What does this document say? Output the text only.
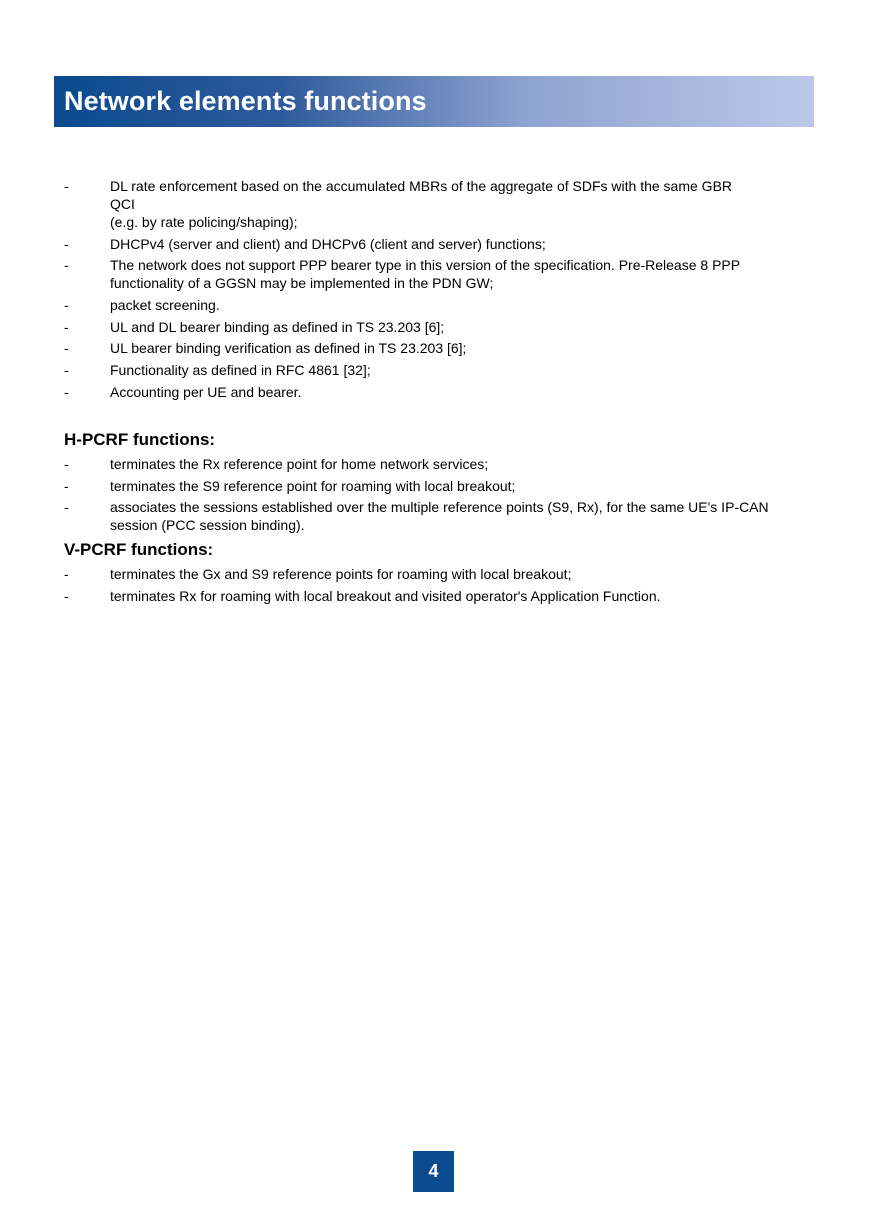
Network elements functions
-	DL rate enforcement based on the accumulated MBRs of the aggregate of SDFs with the same GBR QCI
(e.g. by rate policing/shaping);
-	DHCPv4 (server and client) and DHCPv6 (client and server) functions;
-	The network does not support PPP bearer type in this version of the specification. Pre-Release 8 PPP functionality of a GGSN may be implemented in the PDN GW;
-	packet screening.
-	UL and DL bearer binding as defined in TS 23.203 [6];
-	UL bearer binding verification as defined in TS 23.203 [6];
-	Functionality as defined in RFC 4861 [32];
-	Accounting per UE and bearer.
H-PCRF functions:
-	terminates the Rx reference point for home network services;
-	terminates the S9 reference point for roaming with local breakout;
-	associates the sessions established over the multiple reference points (S9, Rx), for the same UE's IP-CAN session (PCC session binding).
V-PCRF functions:
-	terminates the Gx and S9 reference points for roaming with local breakout;
-	terminates Rx for roaming with local breakout and visited operator's Application Function.
4
